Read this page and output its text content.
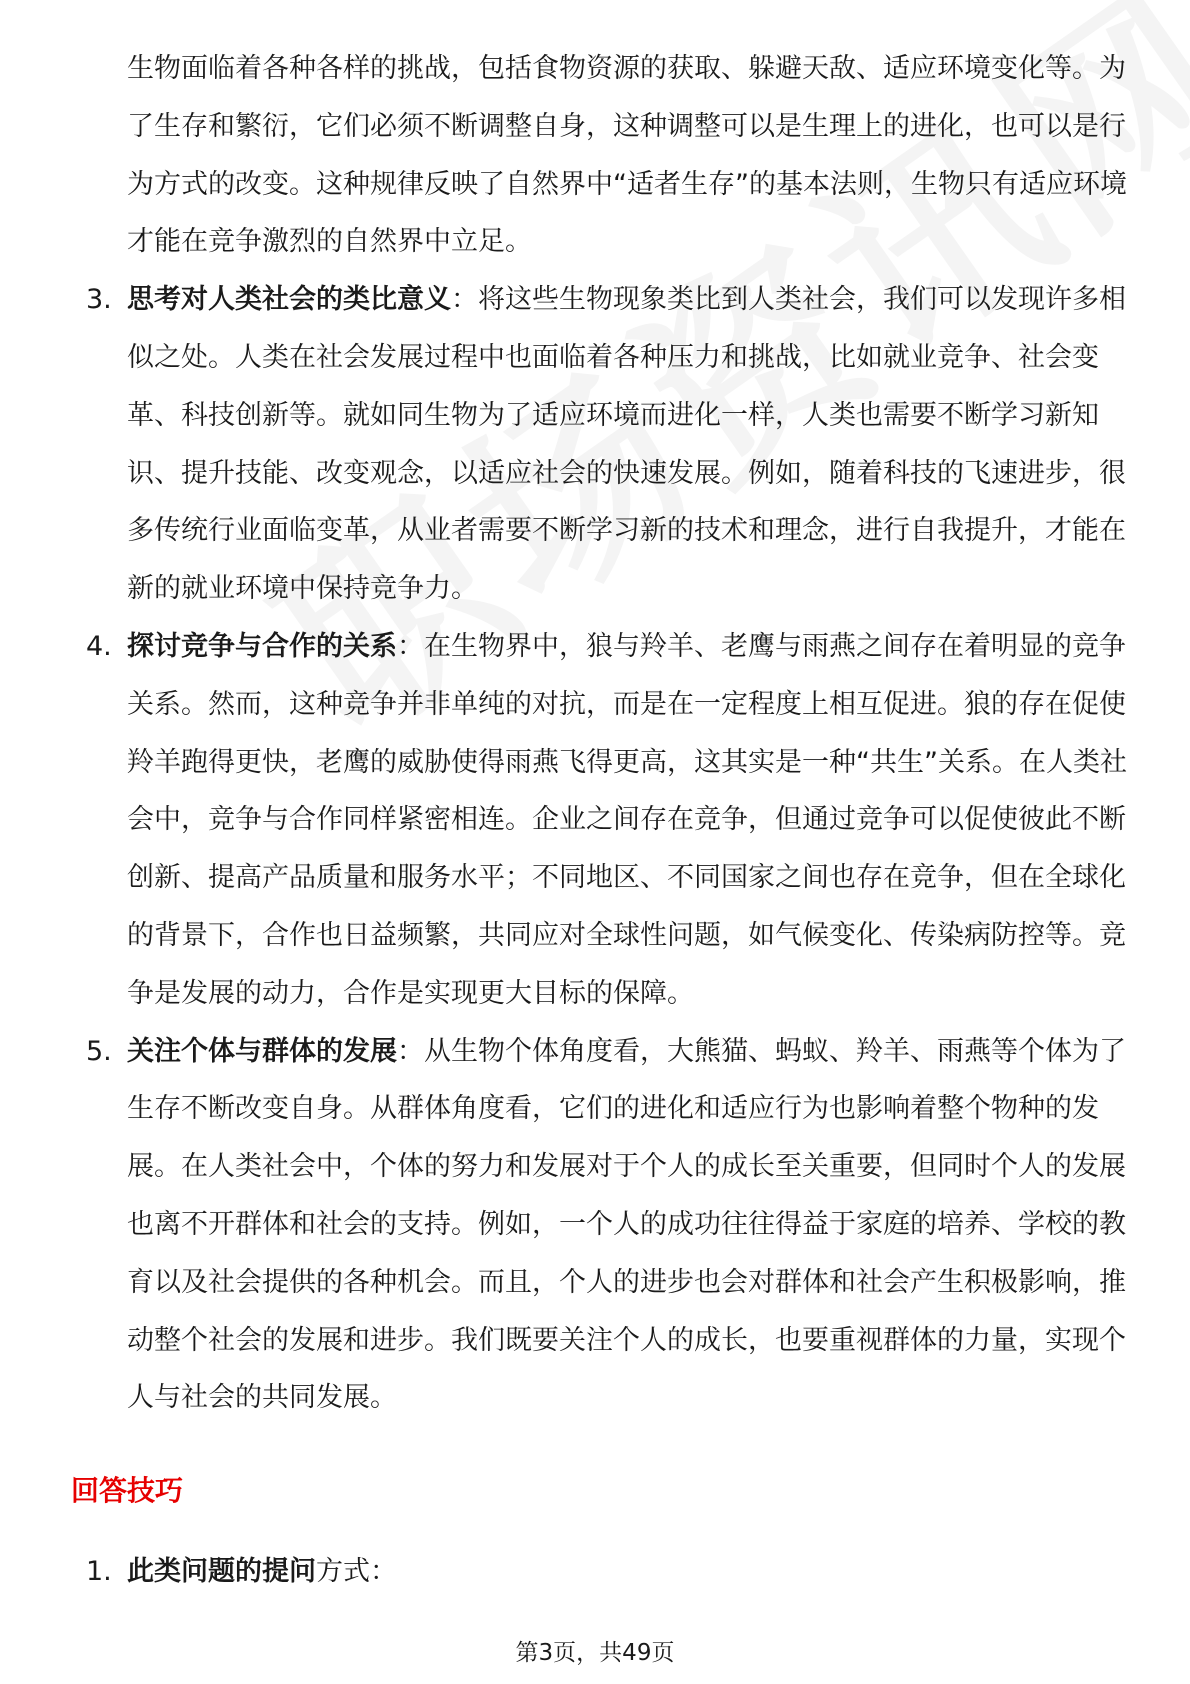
生物面临着各种各样的挑战，包括食物资源的获取、躲避天敌、适应环境变化等。为了生存和繁衍，它们必须不断调整自身，这种调整可以是生理上的进化，也可以是行为方式的改变。这种规律反映了自然界中“适者生存”的基本法则，生物只有适应环境才能在竞争激烈的自然界中立足。
3. 思考对人类社会的类比意义：将这些生物现象类比到人类社会，我们可以发现许多相似之处。人类在社会发展过程中也面临着各种压力和挑战，比如就业竞争、社会变革、科技创新等。就如同生物为了适应环境而进化一样，人类也需要不断学习新知识、提升技能、改变观念，以适应社会的快速发展。例如，随着科技的飞速进步，很多传统行业面临变革，从业者需要不断学习新的技术和理念，进行自我提升，才能在新的就业环境中保持竞争力。
4. 探讨竞争与合作的关系：在生物界中，狼与羚羊、老鹰与雨燕之间存在着明显的竞争关系。然而，这种竞争并非单纯的对抗，而是在一定程度上相互促进。狼的存在促使羚羊跑得更快，老鹰的威胁使得雨燕飞得更高，这其实是一种“共生”关系。在人类社会中，竞争与合作同样紧密相连。企业之间存在竞争，但通过竞争可以促使彼此不断创新、提高产品质量和服务水平；不同地区、不同国家之间也存在竞争，但在全球化的背景下，合作也日益频繁，共同应对全球性问题，如气候变化、传染病防控等。竞争是发展的动力，合作是实现更大目标的保障。
5. 关注个体与群体的发展：从生物个体角度看，大熊猫、蚂蚁、羚羊、雨燕等个体为了生存不断改变自身。从群体角度看，它们的进化和适应行为也影响着整个物种的发展。在人类社会中，个体的努力和发展对于个人的成长至关重要，但同时个人的发展也离不开群体和社会的支持。例如，一个人的成功往往得益于家庭的培养、学校的教育以及社会提供的各种机会。而且，个人的进步也会对群体和社会产生积极影响，推动整个社会的发展和进步。我们既要关注个人的成长，也要重视群体的力量，实现个人与社会的共同发展。
回答技巧
1. 此类问题的提问方式：
第3页，共49页
